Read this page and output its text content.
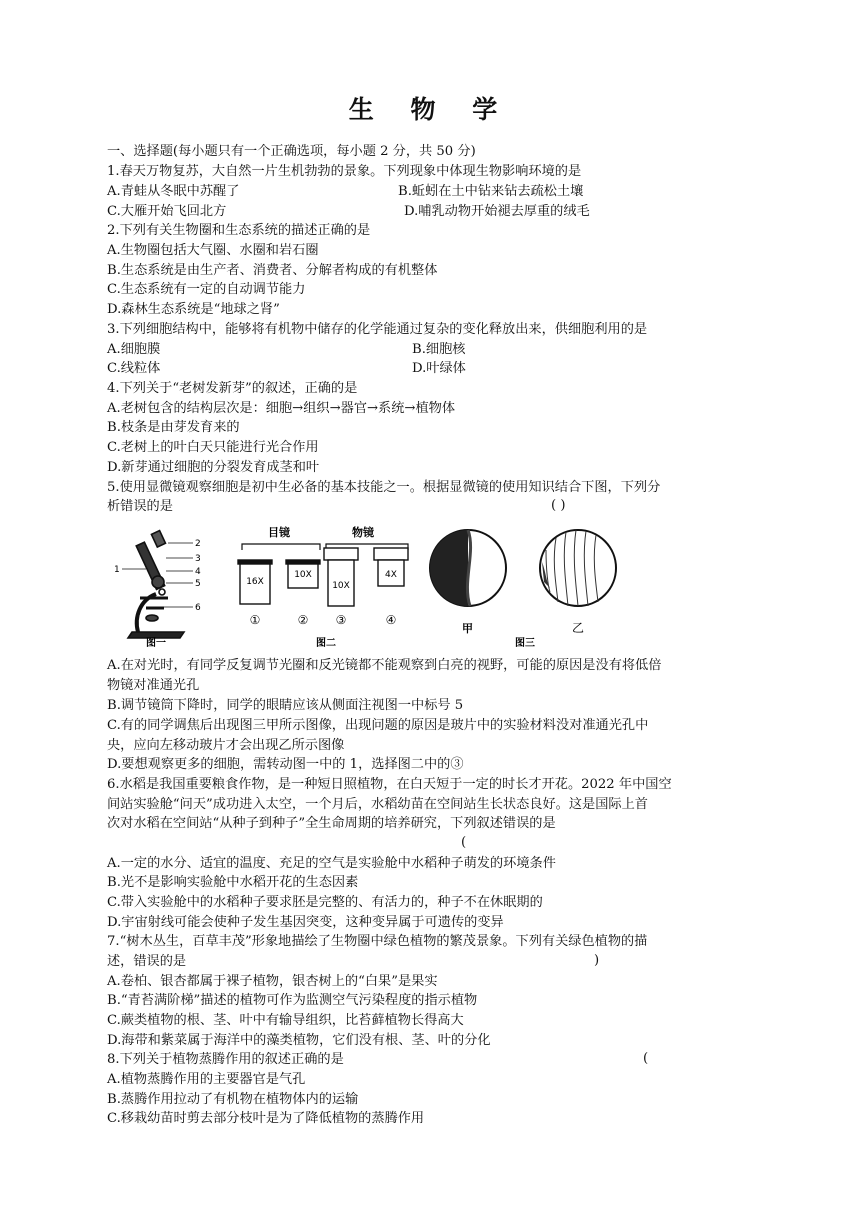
生 物 学
一、选择题(每小题只有一个正确选项，每小题 2 分，共 50 分)
1.春天万物复苏，大自然一片生机勃勃的景象。下列现象中体现生物影响环境的是
A.青蛙从冬眠中苏醒了	B.蚯蚓在土中钻来钻去疏松土壤
C.大雁开始飞回北方	D.哺乳动物开始褪去厚重的绒毛
2.下列有关生物圈和生态系统的描述正确的是
A.生物圈包括大气圈、水圈和岩石圈
B.生态系统是由生产者、消费者、分解者构成的有机整体
C.生态系统有一定的自动调节能力
D.森林生态系统是“地球之肾”
3.下列细胞结构中，能够将有机物中储存的化学能通过复杂的变化释放出来，供细胞利用的是
A.细胞膜	B.细胞核
C.线粒体	D.叶绿体
4.下列关于“老树发新芽”的叙述，正确的是
A.老树包含的结构层次是：细胞→组织→器官→系统→植物体
B.枝条是由芽发育来的
C.老树上的叶白天只能进行光合作用
D.新芽通过细胞的分裂发育成茎和叶
5.使用显微镜观察细胞是初中生必备的基本技能之一。根据显微镜的使用知识结合下图，下列分
析错误的是	( )
2
3
4
5
6
1
图一
目镜	物镜
16X
10X
10X
4X
①	② ③	④
图二
甲	乙
图三
A.在对光时，有同学反复调节光圈和反光镜都不能观察到白亮的视野，可能的原因是没有将低倍
物镜对准通光孔
B.调节镜筒下降时，同学的眼睛应该从侧面注视图一中标号 5
C.有的同学调焦后出现图三甲所示图像，出现问题的原因是玻片中的实验材料没对准通光孔中
央，应向左移动玻片才会出现乙所示图像
D.要想观察更多的细胞，需转动图一中的 1，选择图二中的③
6.水稻是我国重要粮食作物，是一种短日照植物，在白天短于一定的时长才开花。2022 年中国空
间站实验舱“问天”成功进入太空，一个月后，水稻幼苗在空间站生长状态良好。这是国际上首
次对水稻在空间站“从种子到种子”全生命周期的培养研究，下列叙述错误的是
(
A.一定的水分、适宜的温度、充足的空气是实验舱中水稻种子萌发的环境条件
B.光不是影响实验舱中水稻开花的生态因素
C.带入实验舱中的水稻种子要求胚是完整的、有活力的，种子不在休眠期的
D.宇宙射线可能会使种子发生基因突变，这种变异属于可遗传的变异
7.“树木丛生，百草丰茂”形象地描绘了生物圈中绿色植物的繁茂景象。下列有关绿色植物的描
述，错误的是	)
A.卷柏、银杏都属于裸子植物，银杏树上的“白果”是果实
B.“青苔满阶梯”描述的植物可作为监测空气污染程度的指示植物
C.蕨类植物的根、茎、叶中有输导组织，比苔藓植物长得高大
D.海带和紫菜属于海洋中的藻类植物，它们没有根、茎、叶的分化
8.下列关于植物蒸腾作用的叙述正确的是	(
A.植物蒸腾作用的主要器官是气孔
B.蒸腾作用拉动了有机物在植物体内的运输
C.移栽幼苗时剪去部分枝叶是为了降低植物的蒸腾作用
